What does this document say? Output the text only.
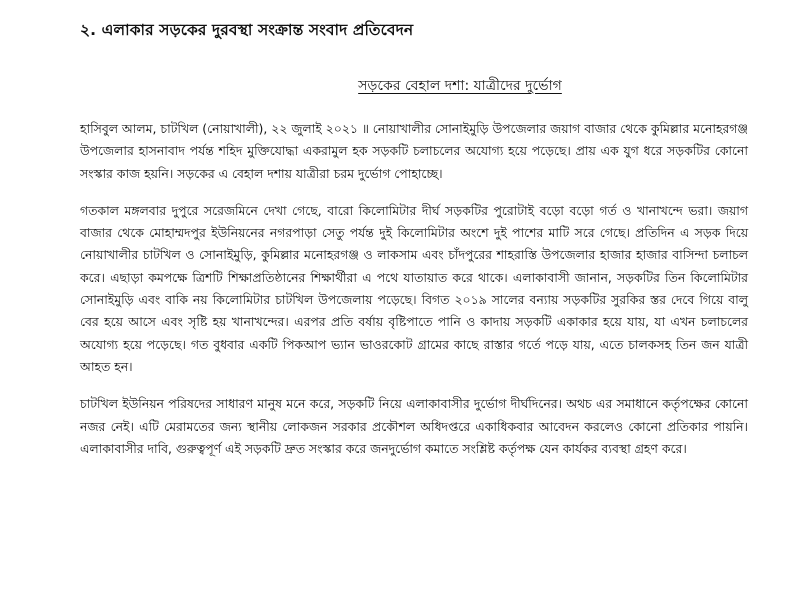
২. এলাকার সড়কের দুরবস্থা সংক্রান্ত সংবাদ প্রতিবেদন
সড়কের বেহাল দশা: যাত্রীদের দুর্ভোগ

হাসিবুল আলম, চাটখিল (নোয়াখালী), ২২ জুলাই ২০২১ ॥ নোয়াখালীর সোনাইমুড়ি উপজেলার জয়াগ বাজার থেকে কুমিল্লার মনোহরগঞ্জ উপজেলার হাসনাবাদ পর্যন্ত শহিদ মুক্তিযোদ্ধা একরামুল হক সড়কটি চলাচলের অযোগ্য হয়ে পড়েছে। প্রায় এক যুগ ধরে সড়কটির কোনো সংস্কার কাজ হয়নি। সড়কের এ বেহাল দশায় যাত্রীরা চরম দুর্ভোগ পোহাচ্ছে।

গতকাল মঙ্গলবার দুপুরে সরেজমিনে দেখা গেছে, বারো কিলোমিটার দীর্ঘ সড়কটির পুরোটাই বড়ো বড়ো গর্ত ও খানাখন্দে ভরা। জয়াগ বাজার থেকে মোহাম্মদপুর ইউনিয়নের নগরপাড়া সেতু পর্যন্ত দুই কিলোমিটার অংশে দুই পাশের মাটি সরে গেছে। প্রতিদিন এ সড়ক দিয়ে নোয়াখালীর চাটখিল ও সোনাইমুড়ি, কুমিল্লার মনোহরগঞ্জ ও লাকসাম এবং চাঁদপুরের শাহরাস্তি উপজেলার হাজার হাজার বাসিন্দা চলাচল করে। এছাড়া কমপক্ষে ত্রিশটি শিক্ষাপ্রতিষ্ঠানের শিক্ষার্থীরা এ পথে যাতায়াত করে থাকে। এলাকাবাসী জানান, সড়কটির তিন কিলোমিটার সোনাইমুড়ি এবং বাকি নয় কিলোমিটার চাটখিল উপজেলায় পড়েছে। বিগত ২০১৯ সালের বন্যায় সড়কটির সুরকির স্তর দেবে গিয়ে বালু বের হয়ে আসে এবং সৃষ্টি হয় খানাখন্দের। এরপর প্রতি বর্ষায় বৃষ্টিপাতে পানি ও কাদায় সড়কটি একাকার হয়ে যায়, যা এখন চলাচলের অযোগ্য হয়ে পড়েছে। গত বুধবার একটি পিকআপ ভ্যান ভাওরকোট গ্রামের কাছে রাস্তার গর্তে পড়ে যায়, এতে চালকসহ তিন জন যাত্রী আহত হন।

চাটখিল ইউনিয়ন পরিষদের সাধারণ মানুষ মনে করে, সড়কটি নিয়ে এলাকাবাসীর দুর্ভোগ দীর্ঘদিনের। অথচ এর সমাধানে কর্তৃপক্ষের কোনো নজর নেই। এটি মেরামতের জন্য স্থানীয় লোকজন সরকার প্রকৌশল অধিদপ্তরে একাধিকবার আবেদন করলেও কোনো প্রতিকার পায়নি। এলাকাবাসীর দাবি, গুরুত্বপূর্ণ এই সড়কটি দ্রুত সংস্কার করে জনদুর্ভোগ কমাতে সংশ্লিষ্ট কর্তৃপক্ষ যেন কার্যকর ব্যবস্থা গ্রহণ করে।
